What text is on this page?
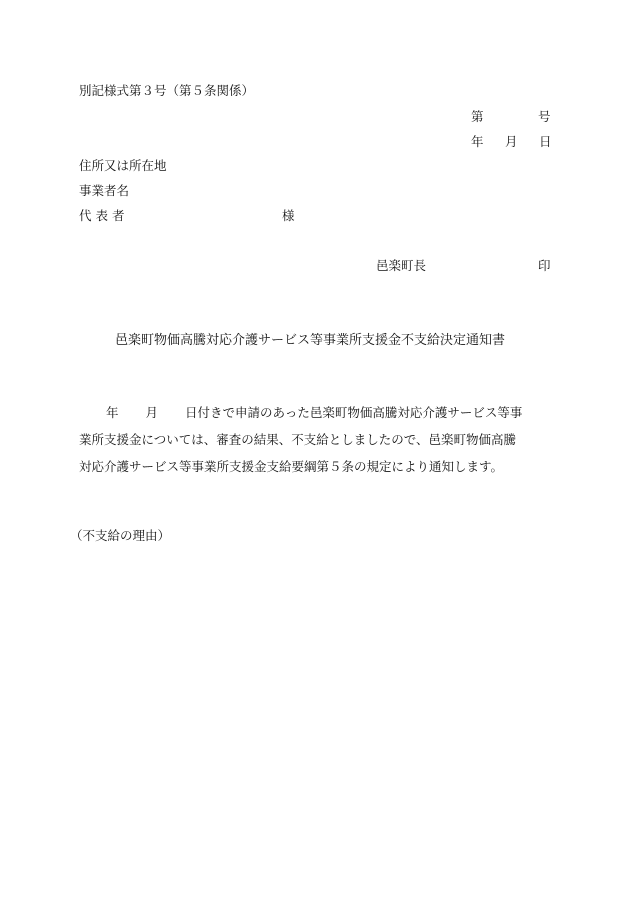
別記様式第３号（第５条関係）
第	号
年 月 日
住所又は所在地
事業者名
代 表 者	様
邑楽町長	印
邑楽町物価高騰対応介護サービス等事業所支援金不支給決定通知書
年 月 日付きで申請のあった邑楽町物価高騰対応介護サービス等事
業所支援金については、審査の結果、不支給としましたので、邑楽町物価高騰
対応介護サービス等事業所支援金支給要綱第５条の規定により通知します。
（不支給の理由）
